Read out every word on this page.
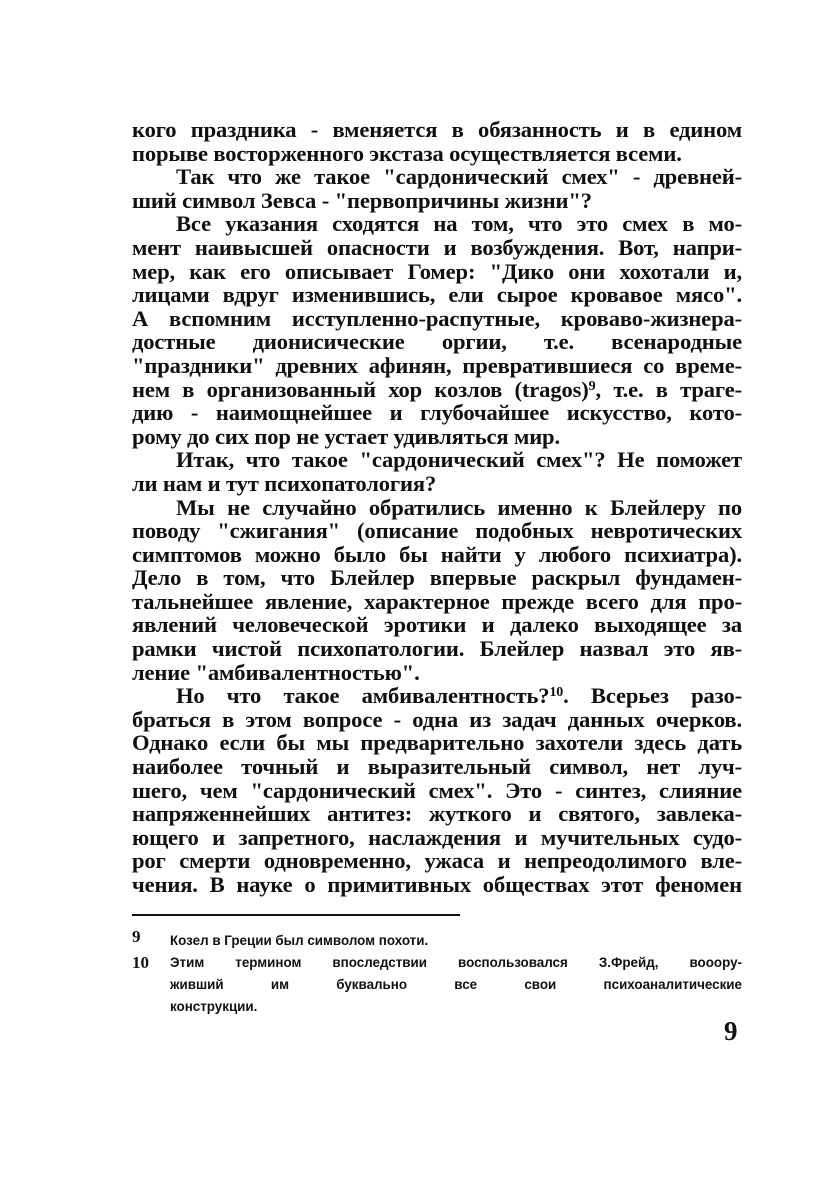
кого праздника - вменяется в обязанность и в едином
порыве восторженного экстаза осуществляется всеми.
Так что же такое "сардонический смех" - древней-
ший символ Зевса - "первопричины жизни"?
Все указания сходятся на том, что это смех в мо-
мент наивысшей опасности и возбуждения. Вот, напри-
мер, как его описывает Гомер: "Дико они хохотали и,
лицами вдруг изменившись, ели сырое кровавое мясо".
А вспомним исступленно-распутные, кроваво-жизнера-
достные дионисические оргии, т.е. всенародные
"праздники" древних афинян, превратившиеся со време-
нем в организованный хор козлов (tragos)$^9$, т.е. в траге-
дию - наимощнейшее и глубочайшее искусство, кото-
рому до сих пор не устает удивляться мир.
Итак, что такое "сардонический смех"? Не поможет
ли нам и тут психопатология?
Мы не случайно обратились именно к Блейлеру по
поводу "сжигания" (описание подобных невротических
симптомов можно было бы найти у любого психиатра).
Дело в том, что Блейлер впервые раскрыл фундамен-
тальнейшее явление, характерное прежде всего для про-
явлений человеческой эротики и далеко выходящее за
рамки чистой психопатологии. Блейлер назвал это яв-
ление "амбивалентностью".
Но что такое амбивалентность?$^{10}$. Всерьез разо-
браться в этом вопросе - одна из задач данных очерков.
Однако если бы мы предварительно захотели здесь дать
наиболее точный и выразительный символ, нет луч-
шего, чем "сардонический смех". Это - синтез, слияние
напряженнейших антитез: жуткого и святого, завлека-
ющего и запретного, наслаждения и мучительных судо-
рог смерти одновременно, ужаса и непреодолимого вле-
чения. В науке о примитивных обществах этот феномен
9	Козел в Греции был символом похоти.
10	Этим термином впоследствии воспользовался З.Фрейд, вооору-
живший им буквально все свои психоаналитические
конструкции.
9
